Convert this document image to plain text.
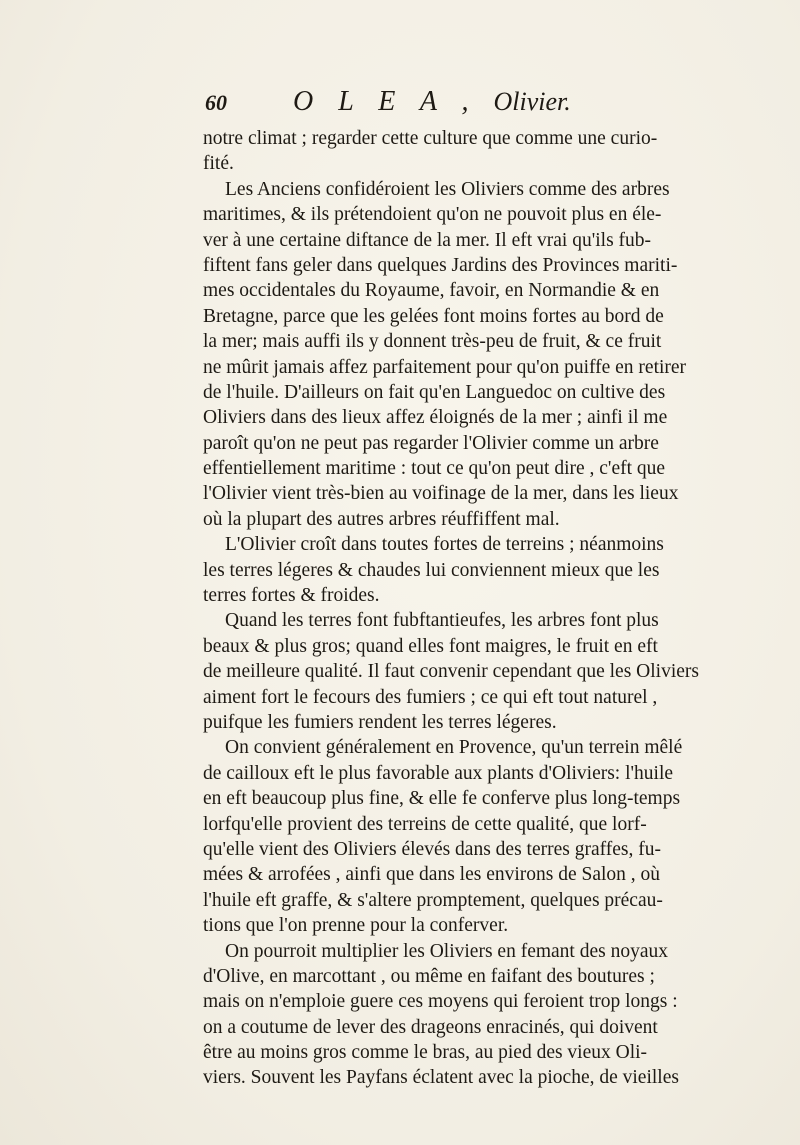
60 O L E A , Olivier.
notre climat ; regarder cette culture que comme une curio-
fité.
Les Anciens confidéroient les Oliviers comme des arbres
maritimes, & ils prétendoient qu'on ne pouvoit plus en éle-
ver à une certaine diftance de la mer. Il eft vrai qu'ils fub-
fiftent fans geler dans quelques Jardins des Provinces mariti-
mes occidentales du Royaume, favoir, en Normandie & en
Bretagne, parce que les gelées font moins fortes au bord de
la mer; mais auffi ils y donnent très-peu de fruit, & ce fruit
ne mûrit jamais affez parfaitement pour qu'on puiffe en retirer
de l'huile. D'ailleurs on fait qu'en Languedoc on cultive des
Oliviers dans des lieux affez éloignés de la mer ; ainfi il me
paroît qu'on ne peut pas regarder l'Olivier comme un arbre
effentiellement maritime : tout ce qu'on peut dire , c'eft que
l'Olivier vient très-bien au voifinage de la mer, dans les lieux
où la plupart des autres arbres réuffiffent mal.
L'Olivier croît dans toutes fortes de terreins ; néanmoins
les terres légeres & chaudes lui conviennent mieux que les
terres fortes & froides.
Quand les terres font fubftantieufes, les arbres font plus
beaux & plus gros; quand elles font maigres, le fruit en eft
de meilleure qualité. Il faut convenir cependant que les Oliviers
aiment fort le fecours des fumiers ; ce qui eft tout naturel ,
puifque les fumiers rendent les terres légeres.
On convient généralement en Provence, qu'un terrein mêlé
de cailloux eft le plus favorable aux plants d'Oliviers: l'huile
en eft beaucoup plus fine, & elle fe conferve plus long-temps
lorfqu'elle provient des terreins de cette qualité, que lorf-
qu'elle vient des Oliviers élevés dans des terres graffes, fu-
mées & arrofées , ainfi que dans les environs de Salon , où
l'huile eft graffe, & s'altere promptement, quelques précau-
tions que l'on prenne pour la conferver.
On pourroit multiplier les Oliviers en femant des noyaux
d'Olive, en marcottant , ou même en faifant des boutures ;
mais on n'emploie guere ces moyens qui feroient trop longs :
on a coutume de lever des drageons enracinés, qui doivent
être au moins gros comme le bras, au pied des vieux Oli-
viers. Souvent les Payfans éclatent avec la pioche, de vieilles
